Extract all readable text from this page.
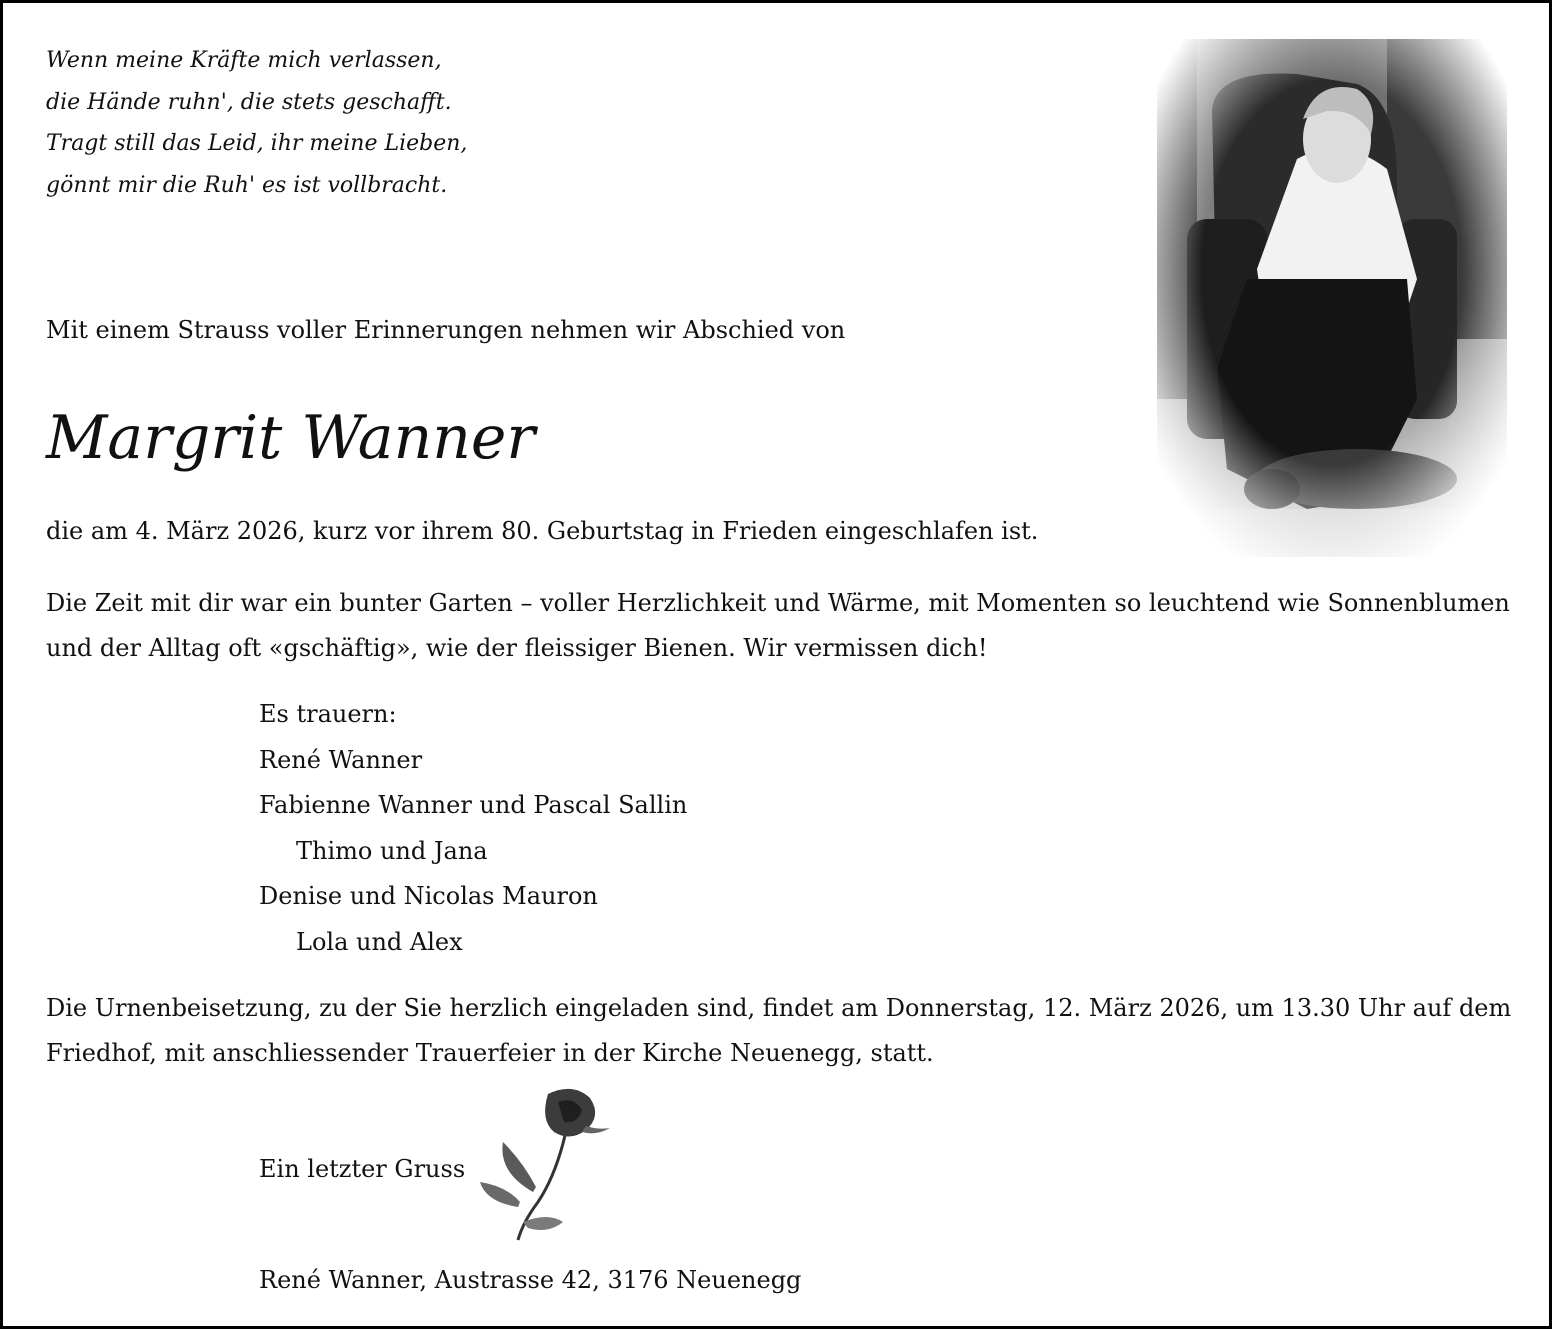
Wenn meine Kräfte mich verlassen,
die Hände ruhn', die stets geschafft.
Tragt still das Leid, ihr meine Lieben,
gönnt mir die Ruh' es ist vollbracht.
Mit einem Strauss voller Erinnerungen nehmen wir Abschied von
Margrit Wanner
die am 4. März 2026, kurz vor ihrem 80. Geburtstag in Frieden eingeschlafen ist.
Die Zeit mit dir war ein bunter Garten – voller Herzlichkeit und Wärme, mit Momenten so leuchtend wie Sonnenblumen und der Alltag oft «gschäftig», wie der fleissiger Bienen. Wir vermissen dich!
Es trauern:
René Wanner
Fabienne Wanner und Pascal Sallin
Thimo und Jana
Denise und Nicolas Mauron
Lola und Alex
Die Urnenbeisetzung, zu der Sie herzlich eingeladen sind, findet am Donnerstag, 12. März 2026, um 13.30 Uhr auf dem Friedhof, mit anschliessender Trauerfeier in der Kirche Neuenegg, statt.
Ein letzter Gruss
René Wanner, Austrasse 42, 3176 Neuenegg
